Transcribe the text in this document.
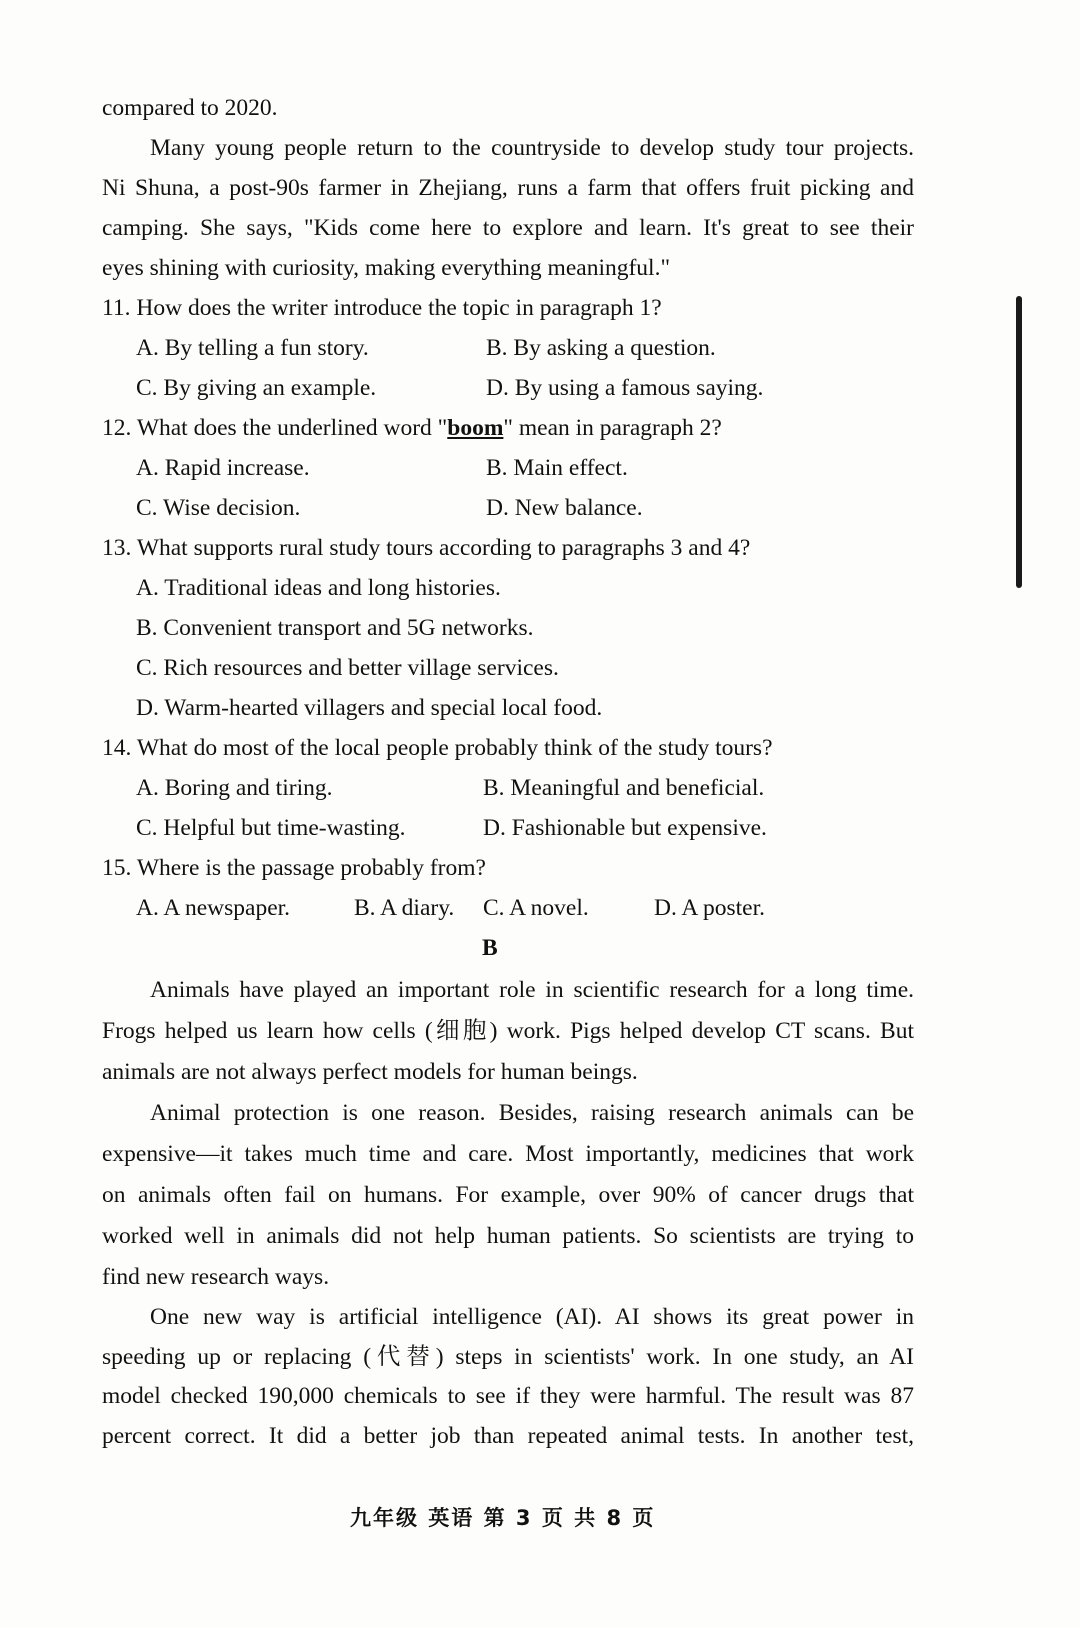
compared to 2020.
Many young people return to the countryside to develop study tour projects.
Ni Shuna, a post-90s farmer in Zhejiang, runs a farm that offers fruit picking and
camping. She says, "Kids come here to explore and learn. It's great to see their
eyes shining with curiosity, making everything meaningful."
11. How does the writer introduce the topic in paragraph 1?
A. By telling a fun story.	B. By asking a question.
C. By giving an example.	D. By using a famous saying.
12. What does the underlined word "boom" mean in paragraph 2?
A. Rapid increase.	B. Main effect.
C. Wise decision.	D. New balance.
13. What supports rural study tours according to paragraphs 3 and 4?
A. Traditional ideas and long histories.
B. Convenient transport and 5G networks.
C. Rich resources and better village services.
D. Warm-hearted villagers and special local food.
14. What do most of the local people probably think of the study tours?
A. Boring and tiring.	B. Meaningful and beneficial.
C. Helpful but time-wasting.	D. Fashionable but expensive.
15. Where is the passage probably from?
A. A newspaper.	B. A diary. C. A novel.	D. A poster.
B
Animals have played an important role in scientific research for a long time.
Frogs helped us learn how cells (细胞) work. Pigs helped develop CT scans. But
animals are not always perfect models for human beings.
Animal protection is one reason. Besides, raising research animals can be
expensive—it takes much time and care. Most importantly, medicines that work
on animals often fail on humans. For example, over 90% of cancer drugs that
worked well in animals did not help human patients. So scientists are trying to
find new research ways.
One new way is artificial intelligence (AI). AI shows its great power in
speeding up or replacing (代替) steps in scientists' work. In one study, an AI
model checked 190,000 chemicals to see if they were harmful. The result was 87
percent correct. It did a better job than repeated animal tests. In another test,
九年级 英语 第 3 页 共 8 页
